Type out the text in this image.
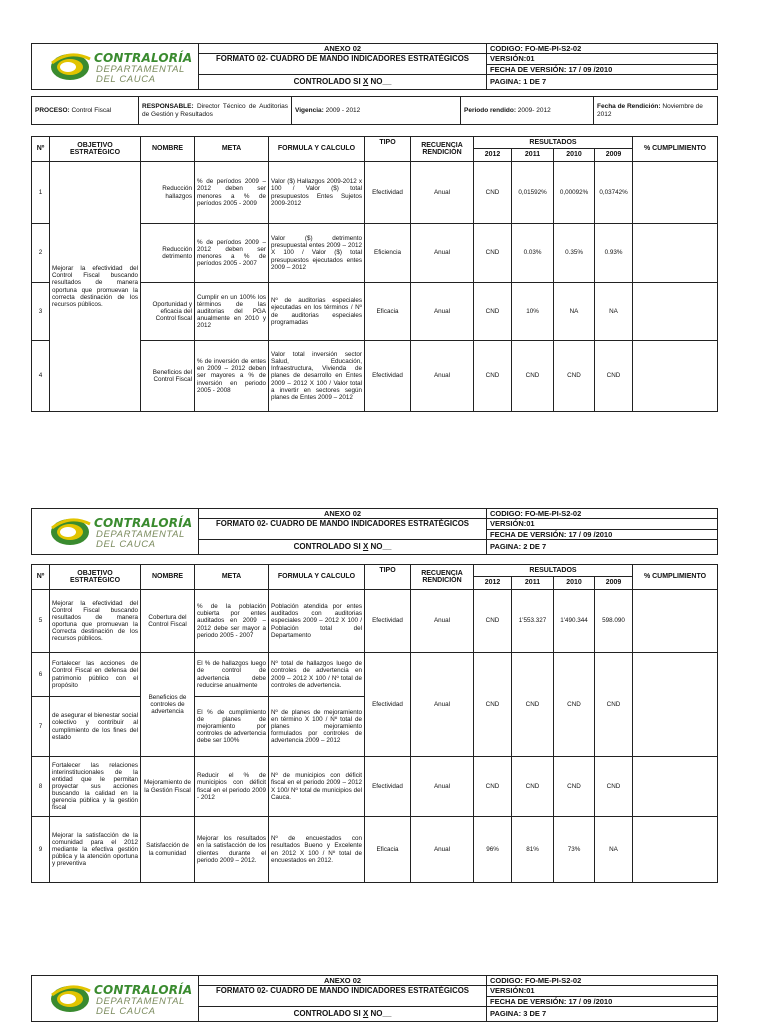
CONTRALORÍA
DEPARTAMENTAL
DEL CAUCA	ANEXO 02	CODIGO: FO-ME-PI-S2-02
	FORMATO 02- CUADRO DE MANDO INDICADORES ESTRATÉGICOS	VERSIÓN:01
		FECHA DE VERSIÓN: 17 / 09 /2010
	CONTROLADO SI X NO__	PAGINA: 1 DE 7
PROCESO: Control Fiscal	RESPONSABLE: Director Técnico de Auditorias de Gestión y Resultados	Vigencia: 2009 - 2012	Periodo rendido: 2009- 2012	Fecha de Rendición: Noviembre de 2012
Nº	OBJETIVO ESTRATÉGICO	NOMBRE	META	FORMULA Y CALCULO	TIPO	RECUENCIA RENDICIÓN	RESULTADOS				% CUMPLIMIENTO
							2012	2011	2010	2009	
1	Mejorar la efectividad del Control Fiscal buscando resultados de manera oportuna que promuevan la correcta destinación de los recursos públicos.	Reducción hallazgos	% de períodos 2009 – 2012 deben ser menores a % de períodos 2005 - 2009	Valor ($) Hallazgos 2009-2012 x 100 / Valor ($) total presupuestos Entes Sujetos 2009-2012	Efectividad	Anual	CND	0,01592%	0,00092%	0,03742%	
2		Reducción detrimento	% de períodos 2009 – 2012 deben ser menores a % de períodos 2005 - 2007	Valor ($) detrimento presupuestal entes 2009 – 2012 X 100 / Valor ($) total presupuestos ejecutados entes 2009 – 2012	Eficiencia	Anual	CND	0.03%	0.35%	0.93%	
3		Oportunidad y eficacia del Control fiscal	Cumplir en un 100% los términos de las auditorias del PGA anualmente en 2010 y 2012	Nº de auditorias especiales ejecutadas en los términos / Nº de auditorias especiales programadas	Eficacia	Anual	CND	10%	NA	NA	
4		Beneficios del Control Fiscal	% de inversión de entes en 2009 – 2012 deben ser mayores a % de inversión en periodo 2005 - 2008	Valor total inversión sector Salud, Educación, Infraestructura, Vivienda de planes de desarrollo en Entes 2009 – 2012 X 100 / Valor total a invertir en sectores según planes de Entes 2009 – 2012	Efectividad	Anual	CND	CND	CND	CND	
CONTRALORÍA
DEPARTAMENTAL
DEL CAUCA	ANEXO 02	CODIGO: FO-ME-PI-S2-02
	FORMATO 02- CUADRO DE MANDO INDICADORES ESTRATÉGICOS	VERSIÓN:01
		FECHA DE VERSIÓN: 17 / 09 /2010
	CONTROLADO SI X NO__	PAGINA: 2 DE 7
Nº	OBJETIVO ESTRATÉGICO	NOMBRE	META	FORMULA Y CALCULO	TIPO	RECUENCIA RENDICIÓN	RESULTADOS				% CUMPLIMIENTO
							2012	2011	2010	2009	
5	Mejorar la efectividad del Control Fiscal buscando resultados de manera oportuna que promuevan la Correcta destinación de los recursos públicos.	Cobertura del Control Fiscal	% de la población cubierta por entes auditados en 2009 – 2012 debe ser mayor a periodo 2005 - 2007	Población atendida por entes auditados con auditorias especiales 2009 – 2012 X 100 / Población total del Departamento	Efectividad	Anual	CND	1'553.327	1'490.344	598.090	
6	Fortalecer las acciones de Control Fiscal en defensa del patrimonio público con el propósito	Beneficios de controles de advertencia	El % de hallazgos luego de control de advertencia debe reducirse anualmente	Nº total de hallazgos luego de controles de advertencia en 2009 – 2012 X 100 / Nº total de controles de advertencia.	Efectividad	Anual	CND	CND	CND	CND	
7	de asegurar el bienestar social colectivo y contribuir al cumplimiento de los fines del estado		El % de cumplimiento de planes de mejoramiento por controles de advertencia debe ser 100%	Nº de planes de mejoramiento en término X 100 / Nº total de planes mejoramiento formulados por controles de advertencia 2009 – 2012							
8	Fortalecer las relaciones interinstitucionales de la entidad que le permitan proyectar sus acciones buscando la calidad en la gerencia pública y la gestión fiscal	Mejoramiento de la Gestión Fiscal	Reducir el % de municipios con déficit fiscal en el periodo 2009 - 2012	Nº de municipios con déficit fiscal en el periodo 2009 – 2012 X 100/ Nº total de municipios del Cauca.	Efectividad	Anual	CND	CND	CND	CND	
9	Mejorar la satisfacción de la comunidad para el 2012 mediante la efectiva gestión pública y la atención oportuna y preventiva	Satisfacción de la comunidad	Mejorar los resultados en la satisfacción de los clientes durante el periodo 2009 – 2012.	Nº de encuestados con resultados Bueno y Excelente en 2012 X 100 / Nº total de encuestados en 2012.	Eficacia	Anual	96%	81%	73%	NA	
CONTRALORÍA
DEPARTAMENTAL
DEL CAUCA	ANEXO 02	CODIGO: FO-ME-PI-S2-02
	FORMATO 02- CUADRO DE MANDO INDICADORES ESTRATÉGICOS	VERSIÓN:01
		FECHA DE VERSIÓN: 17 / 09 /2010
	CONTROLADO SI X NO__	PAGINA: 3 DE 7
